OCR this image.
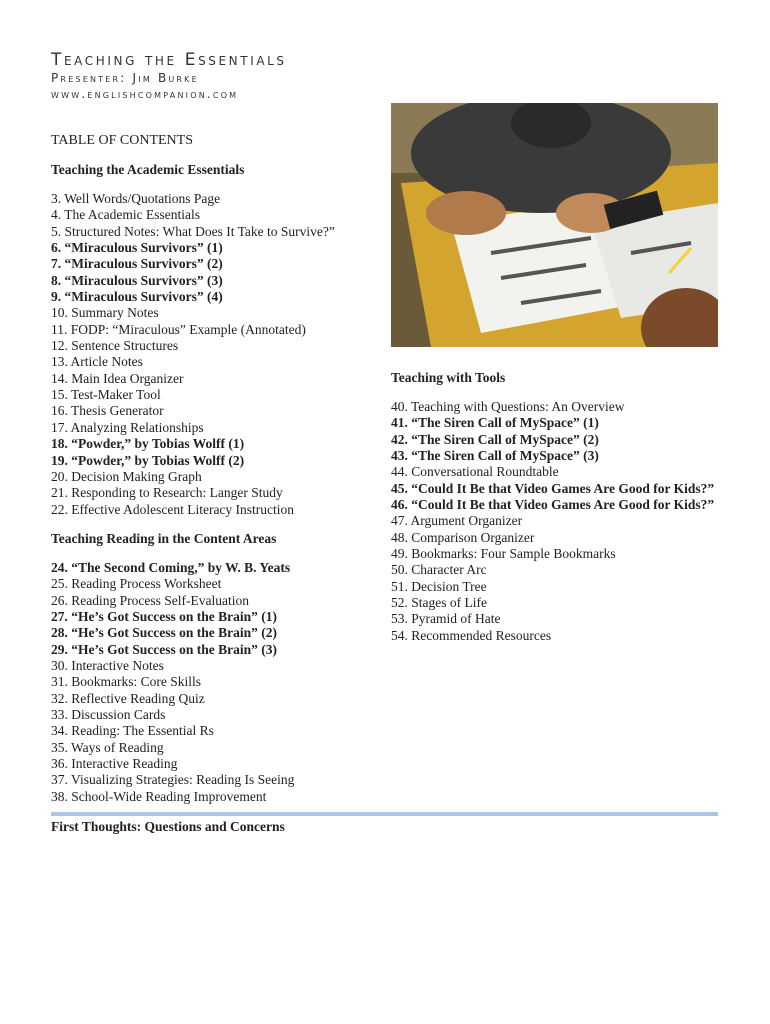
Teaching the Essentials
Presenter: Jim Burke
www.englishcompanion.com
TABLE OF CONTENTS
Teaching the Academic Essentials
3. Well Words/Quotations Page
4. The Academic Essentials
5. Structured Notes: What Does It Take to Survive?”
6. “Miraculous Survivors” (1)
7. “Miraculous Survivors” (2)
8. “Miraculous Survivors” (3)
9. “Miraculous Survivors” (4)
10. Summary Notes
11. FODP: “Miraculous” Example (Annotated)
12. Sentence Structures
13. Article Notes
14. Main Idea Organizer
15. Test-Maker Tool
16. Thesis Generator
17. Analyzing Relationships
18. “Powder,” by Tobias Wolff (1)
19. “Powder,” by Tobias Wolff (2)
20. Decision Making Graph
21. Responding to Research: Langer Study
22. Effective Adolescent Literacy Instruction
Teaching Reading in the Content Areas
24. “The Second Coming,” by W. B. Yeats
25. Reading Process Worksheet
26. Reading Process Self-Evaluation
27. “He’s Got Success on the Brain” (1)
28. “He’s Got Success on the Brain” (2)
29. “He’s Got Success on the Brain” (3)
30. Interactive Notes
31. Bookmarks: Core Skills
32. Reflective Reading Quiz
33. Discussion Cards
34. Reading: The Essential Rs
35. Ways of Reading
36. Interactive Reading
37. Visualizing Strategies: Reading Is Seeing
38. School-Wide Reading Improvement
Teaching with Tools
40. Teaching with Questions: An Overview
41. “The Siren Call of MySpace” (1)
42. “The Siren Call of MySpace” (2)
43. “The Siren Call of MySpace” (3)
44. Conversational Roundtable
45. “Could It Be that Video Games Are Good for Kids?”
46. “Could It Be that Video Games Are Good for Kids?”
47. Argument Organizer
48. Comparison Organizer
49. Bookmarks: Four Sample Bookmarks
50. Character Arc
51. Decision Tree
52. Stages of Life
53. Pyramid of Hate
54. Recommended Resources
First Thoughts: Questions and Concerns
